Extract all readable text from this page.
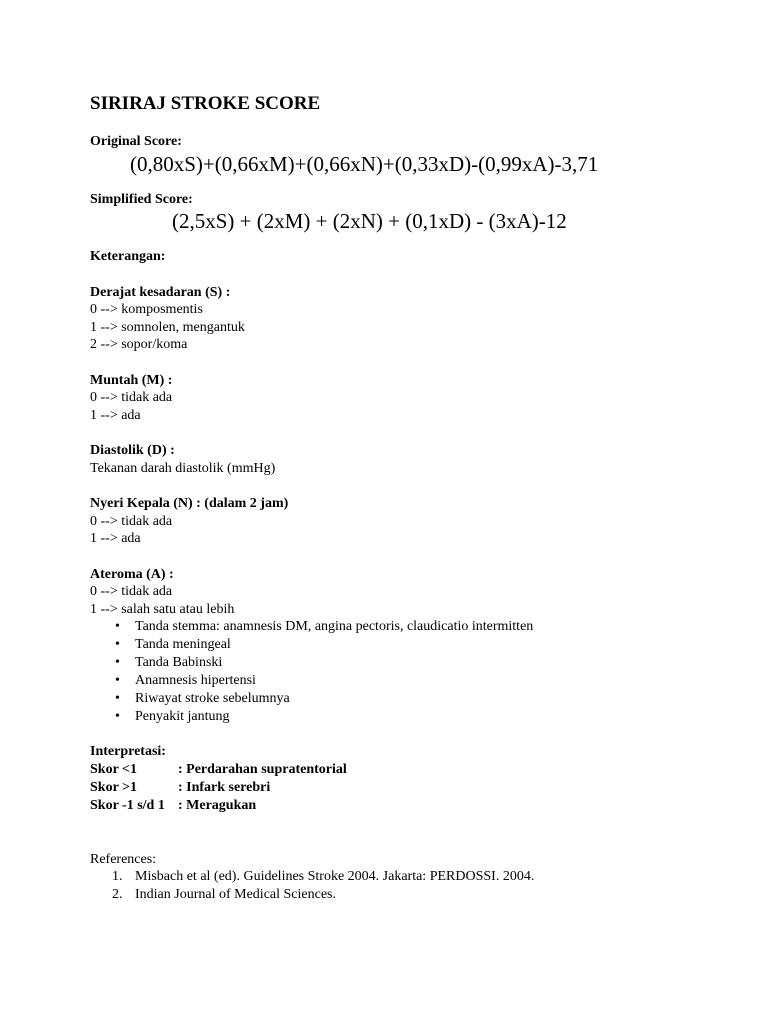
SIRIRAJ STROKE SCORE
Original Score:
(0,80xS)+(0,66xM)+(0,66xN)+(0,33xD)-(0,99xA)-3,71
Simplified Score:
(2,5xS) + (2xM) + (2xN) + (0,1xD) - (3xA)-12
Keterangan:
Derajat kesadaran (S) :
0 --> komposmentis
1 --> somnolen, mengantuk
2 --> sopor/koma
Muntah (M) :
0 --> tidak ada
1 --> ada
Diastolik (D) :
Tekanan darah diastolik (mmHg)
Nyeri Kepala (N) : (dalam 2 jam)
0 --> tidak ada
1 --> ada
Ateroma (A) :
0 --> tidak ada
1 --> salah satu atau lebih
• Tanda stemma: anamnesis DM, angina pectoris, claudicatio intermitten
• Tanda meningeal
• Tanda Babinski
• Anamnesis hipertensi
• Riwayat stroke sebelumnya
• Penyakit jantung
Interpretasi:
Skor <1	: Perdarahan supratentorial
Skor >1	: Infark serebri
Skor -1 s/d 1 : Meragukan
References:
1. Misbach et al (ed). Guidelines Stroke 2004. Jakarta: PERDOSSI. 2004.
2. Indian Journal of Medical Sciences.
